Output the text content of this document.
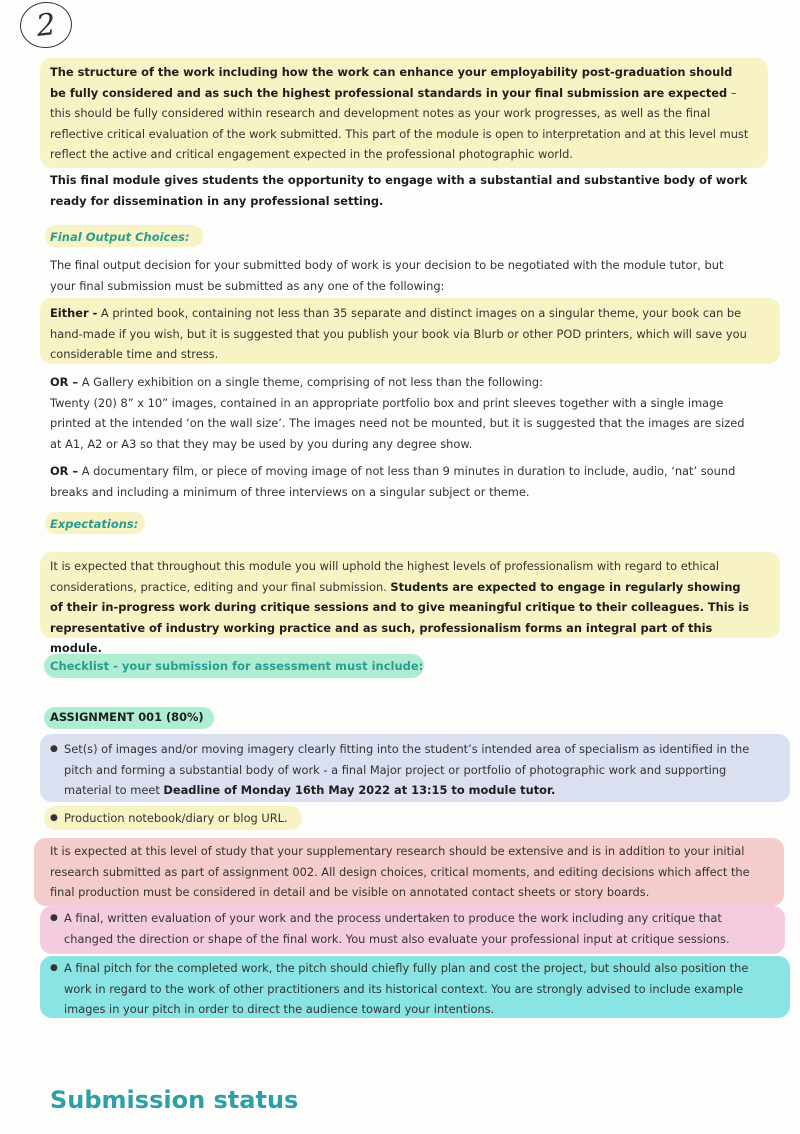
2

The structure of the work including how the work can enhance your employability post-graduation should be fully considered and as such the highest professional standards in your final submission are expected – this should be fully considered within research and development notes as your work progresses, as well as the final reflective critical evaluation of the work submitted. This part of the module is open to interpretation and at this level must reflect the active and critical engagement expected in the professional photographic world.

This final module gives students the opportunity to engage with a substantial and substantive body of work ready for dissemination in any professional setting.

Final Output Choices:

The final output decision for your submitted body of work is your decision to be negotiated with the module tutor, but your final submission must be submitted as any one of the following:

Either - A printed book, containing not less than 35 separate and distinct images on a singular theme, your book can be hand-made if you wish, but it is suggested that you publish your book via Blurb or other POD printers, which will save you considerable time and stress.

OR – A Gallery exhibition on a single theme, comprising of not less than the following:
Twenty (20) 8” x 10” images, contained in an appropriate portfolio box and print sleeves together with a single image printed at the intended ‘on the wall size’. The images need not be mounted, but it is suggested that the images are sized at A1, A2 or A3 so that they may be used by you during any degree show.

OR – A documentary film, or piece of moving image of not less than 9 minutes in duration to include, audio, ‘nat’ sound breaks and including a minimum of three interviews on a singular subject or theme.

Expectations:

It is expected that throughout this module you will uphold the highest levels of professionalism with regard to ethical considerations, practice, editing and your final submission. Students are expected to engage in regularly showing of their in-progress work during critique sessions and to give meaningful critique to their colleagues. This is representative of industry working practice and as such, professionalism forms an integral part of this module.

Checklist - your submission for assessment must include:

ASSIGNMENT 001 (80%)

● Set(s) of images and/or moving imagery clearly fitting into the student’s intended area of specialism as identified in the pitch and forming a substantial body of work - a final Major project or portfolio of photographic work and supporting material to meet Deadline of Monday 16th May 2022 at 13:15 to module tutor.
● Production notebook/diary or blog URL.

It is expected at this level of study that your supplementary research should be extensive and is in addition to your initial research submitted as part of assignment 002. All design choices, critical moments, and editing decisions which affect the final production must be considered in detail and be visible on annotated contact sheets or story boards.

● A final, written evaluation of your work and the process undertaken to produce the work including any critique that changed the direction or shape of the final work. You must also evaluate your professional input at critique sessions.
● A final pitch for the completed work, the pitch should chiefly fully plan and cost the project, but should also position the work in regard to the work of other practitioners and its historical context. You are strongly advised to include example images in your pitch in order to direct the audience toward your intentions.
Submission status
